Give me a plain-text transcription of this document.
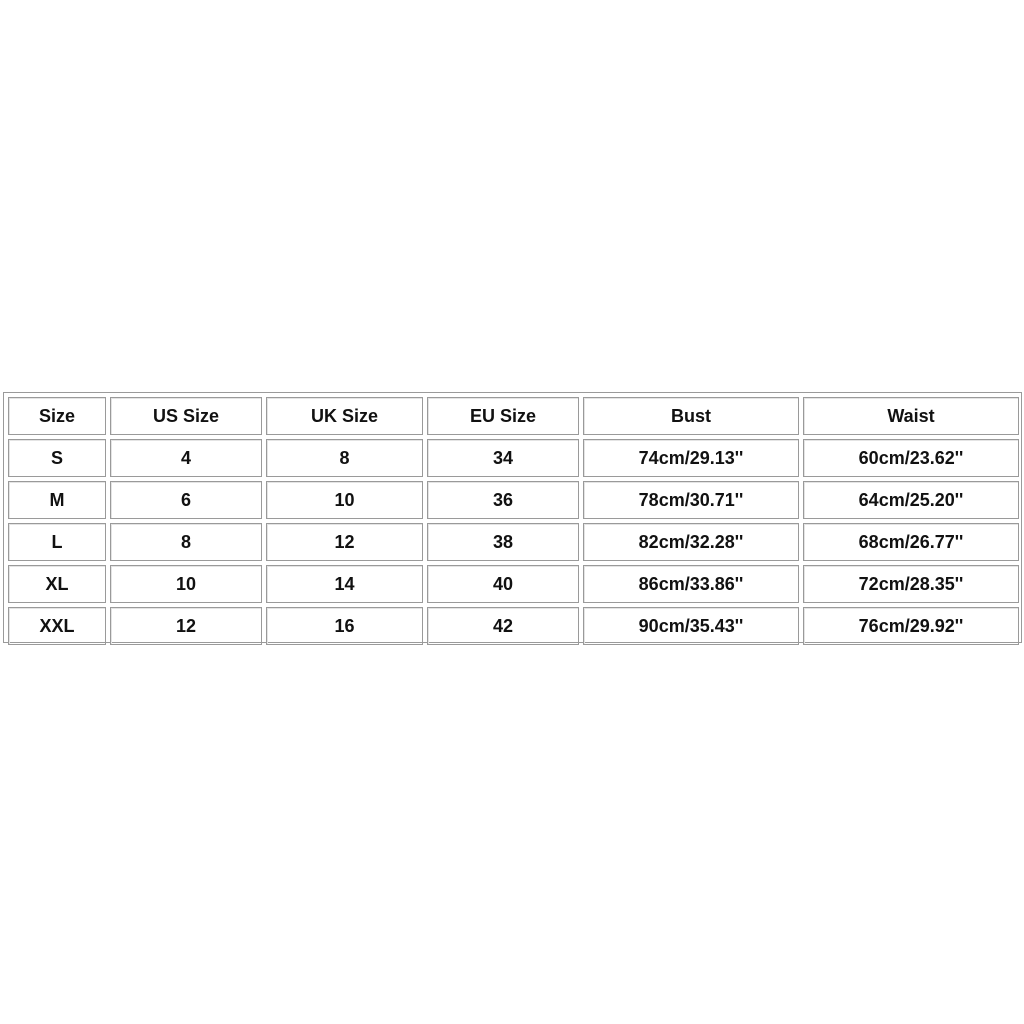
Size	US Size	UK Size	EU Size	Bust	Waist
S	4	8	34	74cm/29.13''	60cm/23.62''
M	6	10	36	78cm/30.71''	64cm/25.20''
L	8	12	38	82cm/32.28''	68cm/26.77''
XL	10	14	40	86cm/33.86''	72cm/28.35''
XXL	12	16	42	90cm/35.43''	76cm/29.92''
